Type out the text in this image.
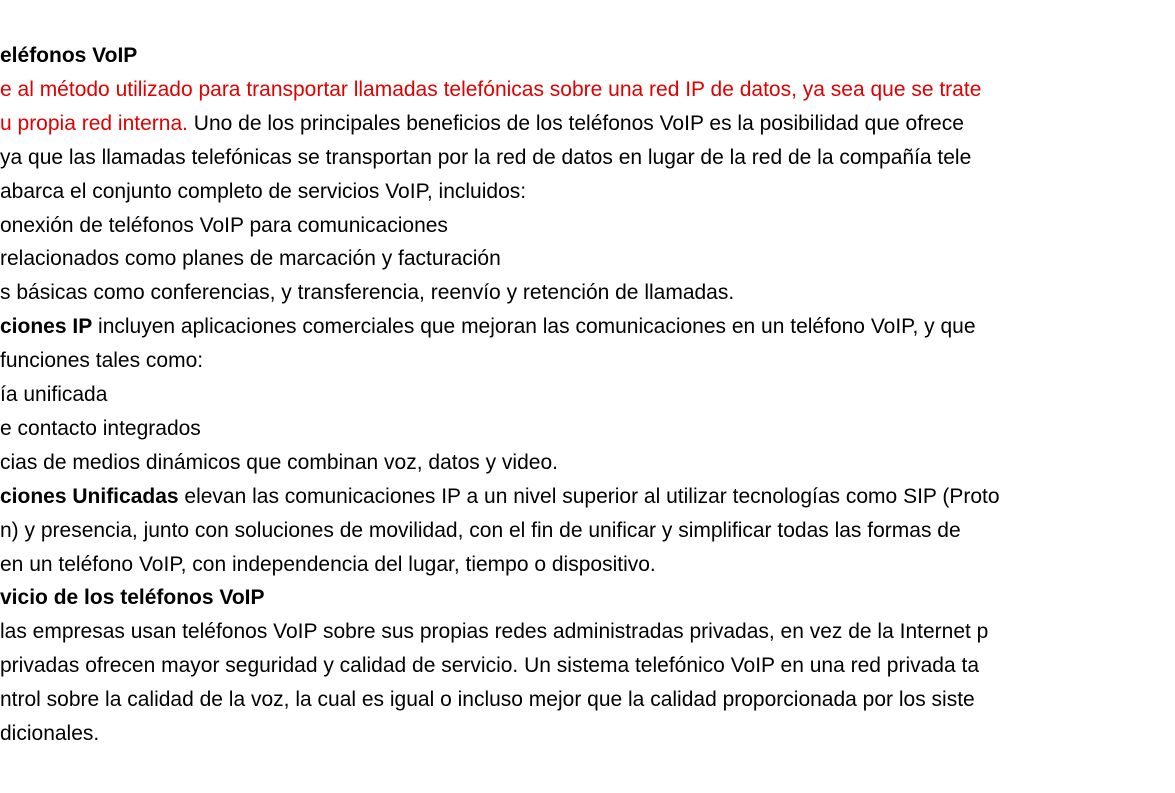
eléfonos VoIP

e al método utilizado para transportar llamadas telefónicas sobre una red IP de datos, ya sea que se trate

u propia red interna. Uno de los principales beneficios de los teléfonos VoIP es la posibilidad que ofrece

ya que las llamadas telefónicas se transportan por la red de datos en lugar de la red de la compañía tele

abarca el conjunto completo de servicios VoIP, incluidos:

onexión de teléfonos VoIP para comunicaciones

relacionados como planes de marcación y facturación

s básicas como conferencias, y transferencia, reenvío y retención de llamadas.

ciones IP incluyen aplicaciones comerciales que mejoran las comunicaciones en un teléfono VoIP, y que

funciones tales como:

ía unificada

e contacto integrados

cias de medios dinámicos que combinan voz, datos y video.

ciones Unificadas elevan las comunicaciones IP a un nivel superior al utilizar tecnologías como SIP (Proto

n) y presencia, junto con soluciones de movilidad, con el fin de unificar y simplificar todas las formas de

en un teléfono VoIP, con independencia del lugar, tiempo o dispositivo.

vicio de los teléfonos VoIP

las empresas usan teléfonos VoIP sobre sus propias redes administradas privadas, en vez de la Internet p

privadas ofrecen mayor seguridad y calidad de servicio. Un sistema telefónico VoIP en una red privada ta

ntrol sobre la calidad de la voz, la cual es igual o incluso mejor que la calidad proporcionada por los siste

dicionales.
